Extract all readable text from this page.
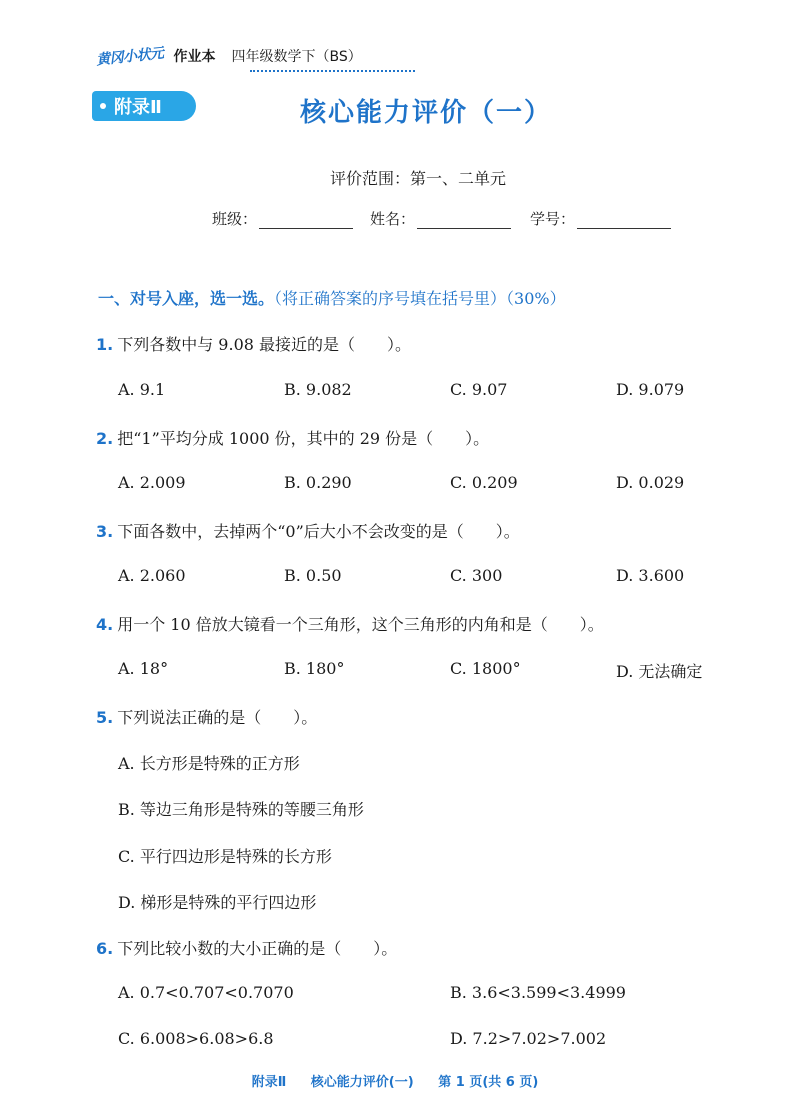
黄冈小状元 作业本 四年级数学下（BS）
附录Ⅱ	核心能力评价（一）
评价范围：第一、二单元
班级：	姓名：	学号：
一、对号入座，选一选。（将正确答案的序号填在括号里）（30%）
1. 下列各数中与 9.08 最接近的是（　　）。
A. 9.1	B. 9.082	C. 9.07	D. 9.079
2. 把“1”平均分成 1000 份，其中的 29 份是（　　）。
A. 2.009	B. 0.290	C. 0.209	D. 0.029
3. 下面各数中，去掉两个“0”后大小不会改变的是（　　）。
A. 2.060	B. 0.50	C. 300	D. 3.600
4. 用一个 10 倍放大镜看一个三角形，这个三角形的内角和是（　　）。
A. 18°	B. 180°	C. 1800°	D. 无法确定
5. 下列说法正确的是（　　）。
A. 长方形是特殊的正方形
B. 等边三角形是特殊的等腰三角形
C. 平行四边形是特殊的长方形
D. 梯形是特殊的平行四边形
6. 下列比较小数的大小正确的是（　　）。
A. 0.7<0.707<0.7070	B. 3.6<3.599<3.4999
C. 6.008>6.08>6.8	D. 7.2>7.02>7.002
附录Ⅱ 核心能力评价(一) 第 1 页(共 6 页)
